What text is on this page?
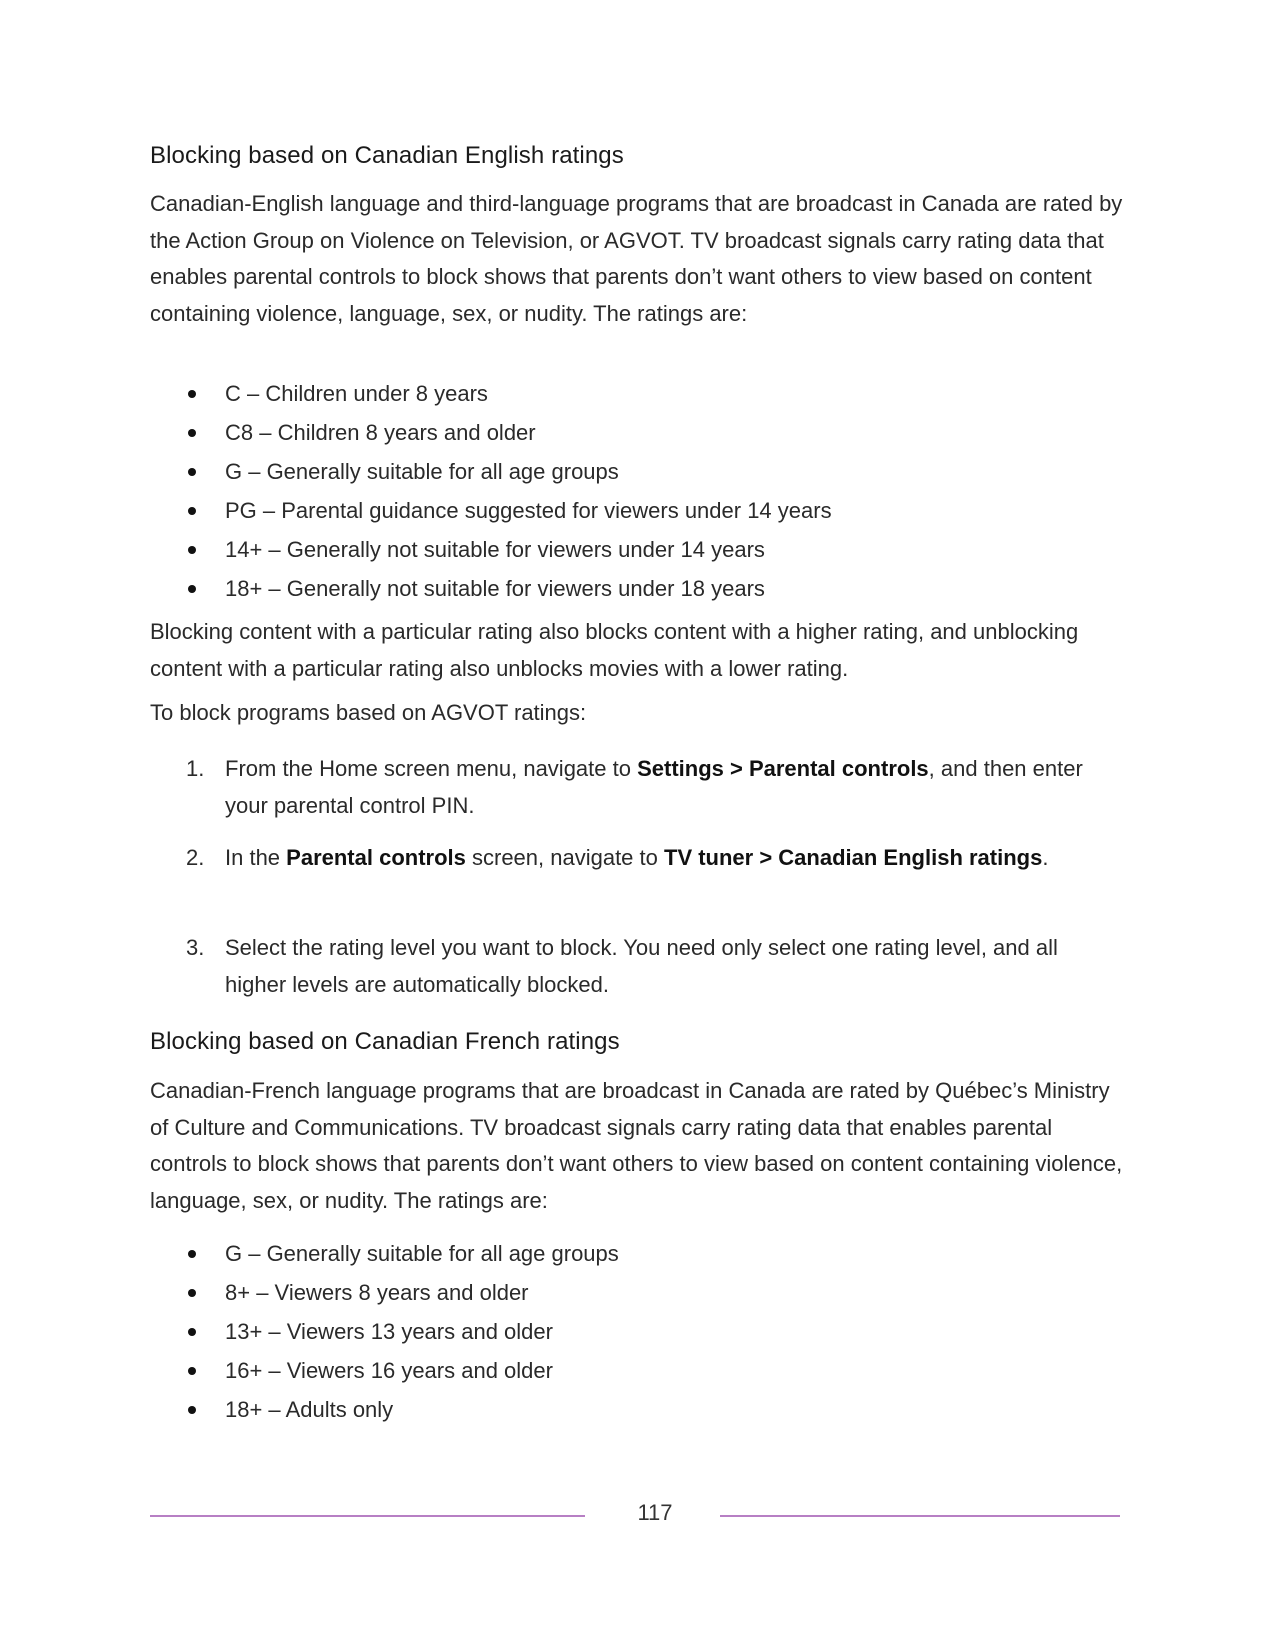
Blocking based on Canadian English ratings

Canadian-English language and third-language programs that are broadcast in Canada are rated by the Action Group on Violence on Television, or AGVOT. TV broadcast signals carry rating data that enables parental controls to block shows that parents don’t want others to view based on content containing violence, language, sex, or nudity. The ratings are:

C – Children under 8 years
C8 – Children 8 years and older
G – Generally suitable for all age groups
PG – Parental guidance suggested for viewers under 14 years
14+ – Generally not suitable for viewers under 14 years
18+ – Generally not suitable for viewers under 18 years

Blocking content with a particular rating also blocks content with a higher rating, and unblocking content with a particular rating also unblocks movies with a lower rating.

To block programs based on AGVOT ratings:

1. From the Home screen menu, navigate to Settings > Parental controls, and then enter your parental control PIN.
2. In the Parental controls screen, navigate to TV tuner > Canadian English ratings.
3. Select the rating level you want to block. You need only select one rating level, and all higher levels are automatically blocked.
Blocking based on Canadian French ratings

Canadian-French language programs that are broadcast in Canada are rated by Québec’s Ministry of Culture and Communications. TV broadcast signals carry rating data that enables parental controls to block shows that parents don’t want others to view based on content containing violence, language, sex, or nudity. The ratings are:

G – Generally suitable for all age groups
8+ – Viewers 8 years and older
13+ – Viewers 13 years and older
16+ – Viewers 16 years and older
18+ – Adults only
117
